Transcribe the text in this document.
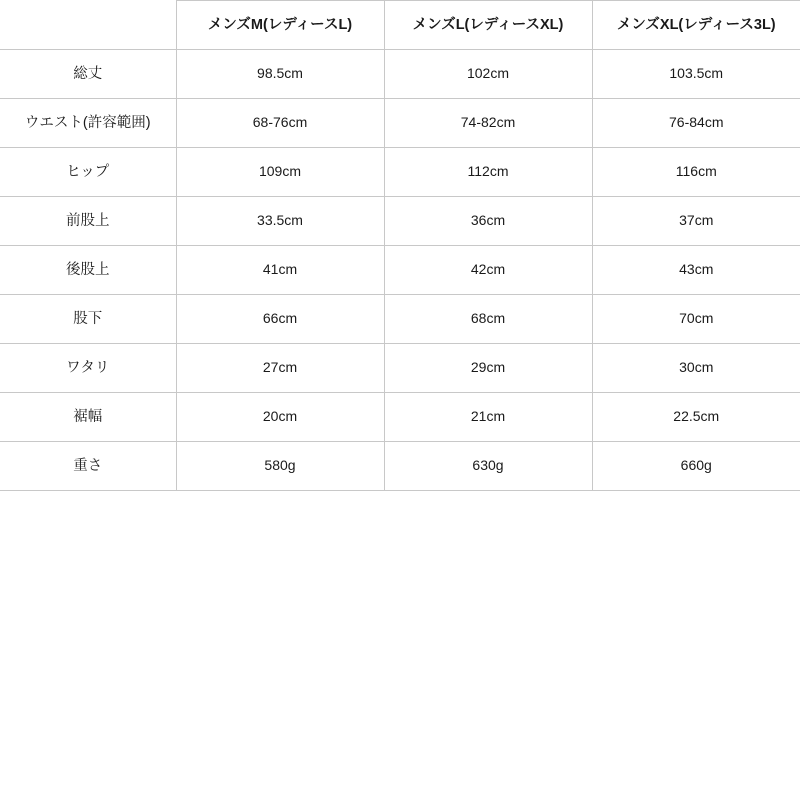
	メンズM(レディースL)	メンズL(レディースXL)	メンズXL(レディース3L)
総丈	98.5cm	102cm	103.5cm
ウエスト(許容範囲)	68-76cm	74-82cm	76-84cm
ヒップ	109cm	112cm	116cm
前股上	33.5cm	36cm	37cm
後股上	41cm	42cm	43cm
股下	66cm	68cm	70cm
ワタリ	27cm	29cm	30cm
裾幅	20cm	21cm	22.5cm
重さ	580g	630g	660g
